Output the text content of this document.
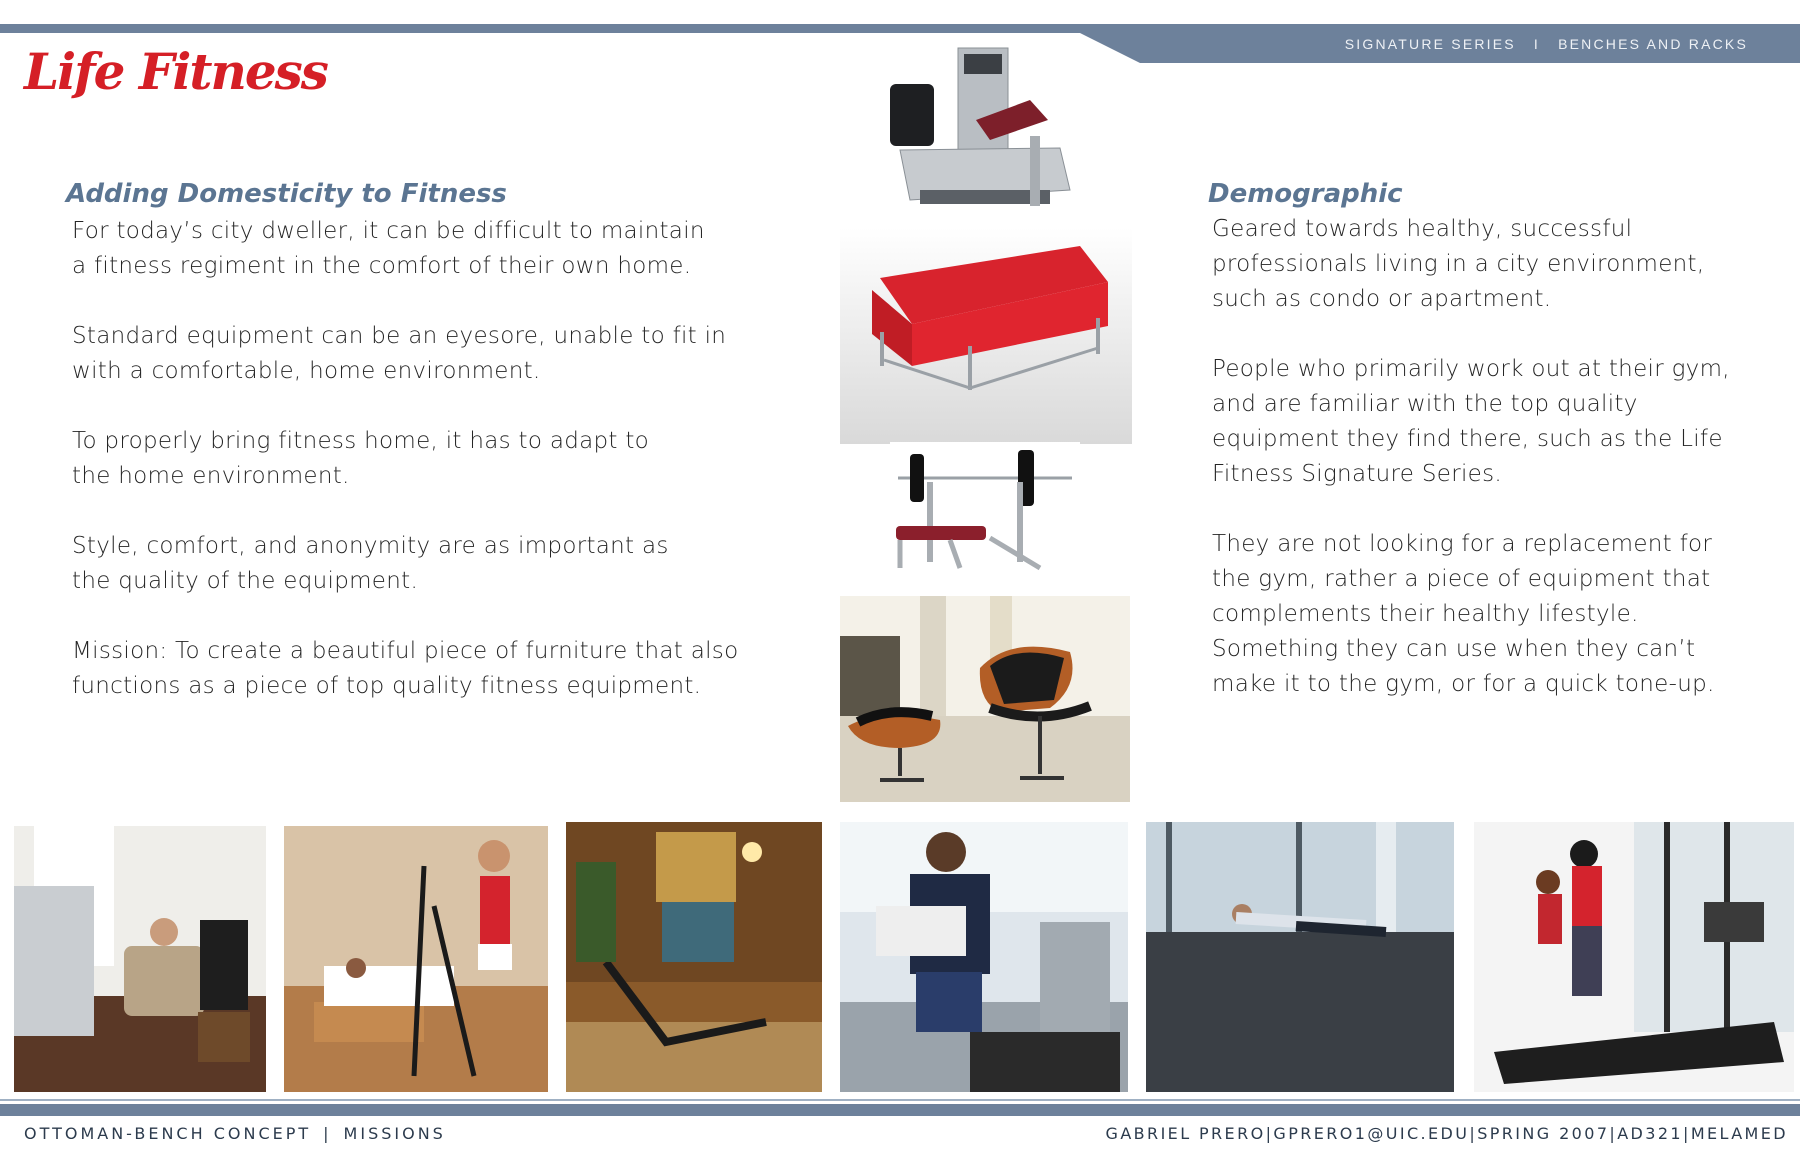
SIGNATURE SERIES I BENCHES AND RACKS
Life Fitness
Adding Domesticity to Fitness
For today’s city dweller, it can be difficult to maintain
a fitness regiment in the comfort of their own home.
Standard equipment can be an eyesore, unable to fit in
with a comfortable, home environment.
To properly bring fitness home, it has to adapt to
the home environment.
Style, comfort, and anonymity are as important as
the quality of the equipment.
Mission: To create a beautiful piece of furniture that also
functions as a piece of top quality fitness equipment.
Demographic
Geared towards healthy, successful
professionals living in a city environment,
such as condo or apartment.
People who primarily work out at their gym,
and are familiar with the top quality
equipment they find there, such as the Life
Fitness Signature Series.
They are not looking for a replacement for
the gym, rather a piece of equipment that
complements their healthy lifestyle.
Something they can use when they can’t
make it to the gym, or for a quick tone-up.
OTTOMAN-BENCH CONCEPT | MISSIONS	GABRIEL PRERO|GPRERO1@UIC.EDU|SPRING 2007|AD321|MELAMED
